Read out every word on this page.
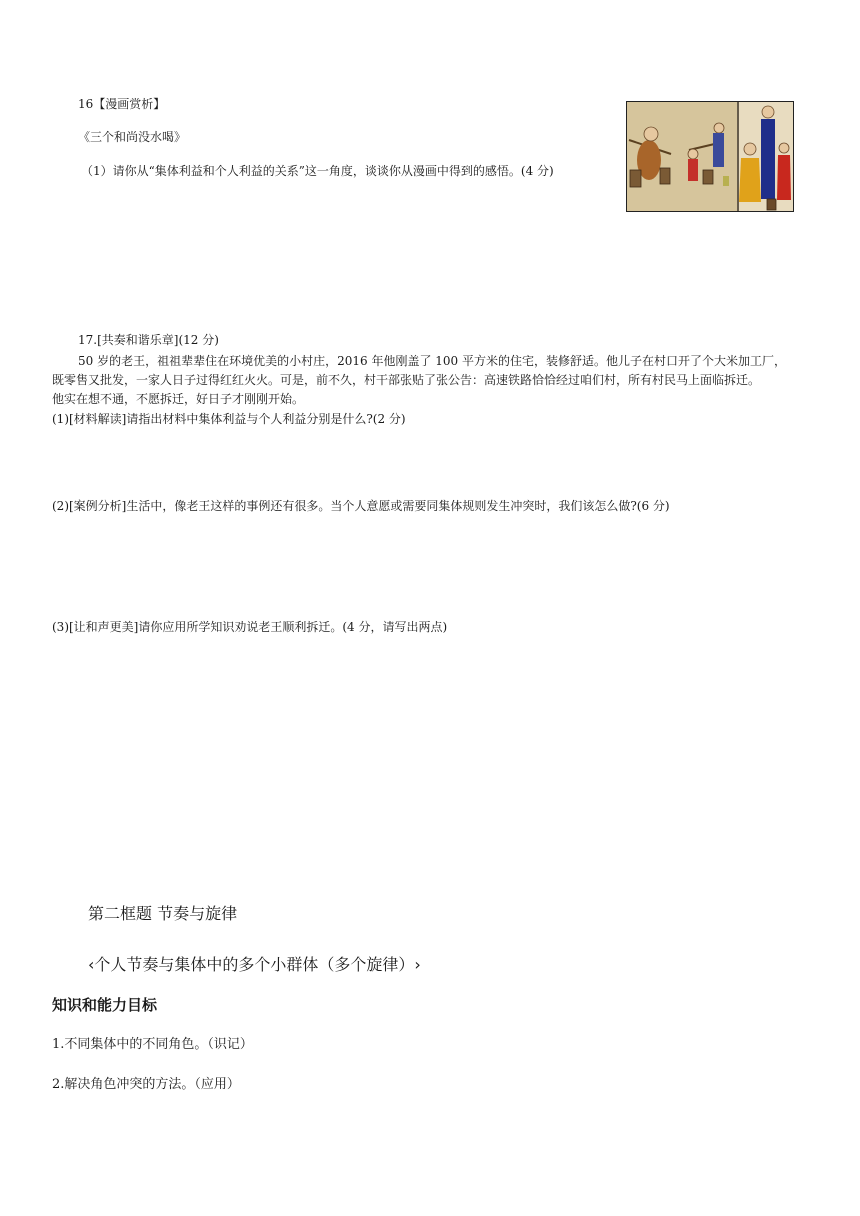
16【漫画赏析】
《三个和尚没水喝》
（1）请你从“集体利益和个人利益的关系”这一角度，谈谈你从漫画中得到的感悟。(4 分)
17.[共奏和谐乐章](12 分)
50 岁的老王，祖祖辈辈住在环境优美的小村庄，2016 年他刚盖了 100 平方米的住宅，装修舒适。他儿子在村口开了个大米加工厂，
既零售又批发，一家人日子过得红红火火。可是，前不久，村干部张贴了张公告：高速铁路恰恰经过咱们村，所有村民马上面临拆迁。
他实在想不通，不愿拆迁，好日子才刚刚开始。
(1)[材料解读]请指出材料中集体利益与个人利益分别是什么?(2 分)
(2)[案例分析]生活中，像老王这样的事例还有很多。当个人意愿或需要同集体规则发生冲突时，我们该怎么做?(6 分)
(3)[让和声更美]请你应用所学知识劝说老王顺利拆迁。(4 分，请写出两点)
第二框题 节奏与旋律
‹个人节奏与集体中的多个小群体（多个旋律）›
知识和能力目标
1.不同集体中的不同角色。（识记）
2.解决角色冲突的方法。（应用）
